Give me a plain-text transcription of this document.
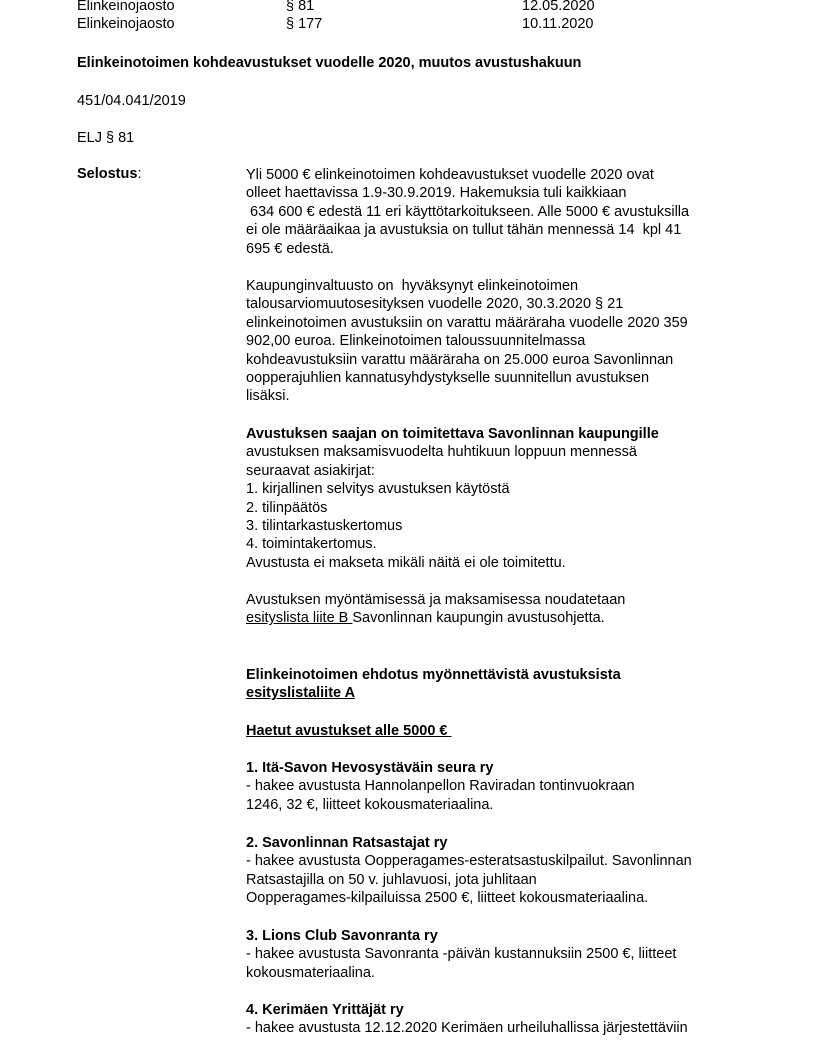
Elinkeinojaosto	§ 81	12.05.2020
Elinkeinojaosto	§ 177	10.11.2020
Elinkeinotoimen kohdeavustukset vuodelle 2020, muutos avustushakuun
451/04.041/2019
ELJ § 81
Selostus:	Yli 5000 € elinkeinotoimen kohdeavustukset vuodelle 2020 ovat
olleet haettavissa 1.9-30.9.2019. Hakemuksia tuli kaikkiaan
634 600 € edestä 11 eri käyttötarkoitukseen. Alle 5000 € avustuksilla
ei ole määräaikaa ja avustuksia on tullut tähän mennessä 14  kpl 41
695 € edestä.
Kaupunginvaltuusto on  hyväksynyt elinkeinotoimen
talousarviomuutosesityksen vuodelle 2020, 30.3.2020 § 21
elinkeinotoimen avustuksiin on varattu määräraha vuodelle 2020 359
902,00 euroa. Elinkeinotoimen taloussuunnitelmassa
kohdeavustuksiin varattu määräraha on 25.000 euroa Savonlinnan
oopperajuhlien kannatusyhdystykselle suunnitellun avustuksen
lisäksi.
Avustuksen saajan on toimitettava Savonlinnan kaupungille
avustuksen maksamisvuodelta huhtikuun loppuun mennessä
seuraavat asiakirjat:
1. kirjallinen selvitys avustuksen käytöstä
2. tilinpäätös
3. tilintarkastuskertomus
4. toimintakertomus.
Avustusta ei makseta mikäli näitä ei ole toimitettu.
Avustuksen myöntämisessä ja maksamisessa noudatetaan
esityslista liite B Savonlinnan kaupungin avustusohjetta.
Elinkeinotoimen ehdotus myönnettävistä avustuksista
esityslistaliite A
Haetut avustukset alle 5000 €
1. Itä-Savon Hevosystäväin seura ry
- hakee avustusta Hannolanpellon Raviradan tontinvuokraan
1246, 32 €, liitteet kokousmateriaalina.
2. Savonlinnan Ratsastajat ry
- hakee avustusta Oopperagames-esteratsastuskilpailut. Savonlinnan
Ratsastajilla on 50 v. juhlavuosi, jota juhlitaan
Oopperagames-kilpailuissa 2500 €, liitteet kokousmateriaalina.
3. Lions Club Savonranta ry
- hakee avustusta Savonranta -päivän kustannuksiin 2500 €, liitteet
kokousmateriaalina.
4. Kerimäen Yrittäjät ry
- hakee avustusta 12.12.2020 Kerimäen urheiluhallissa järjestettäviin
